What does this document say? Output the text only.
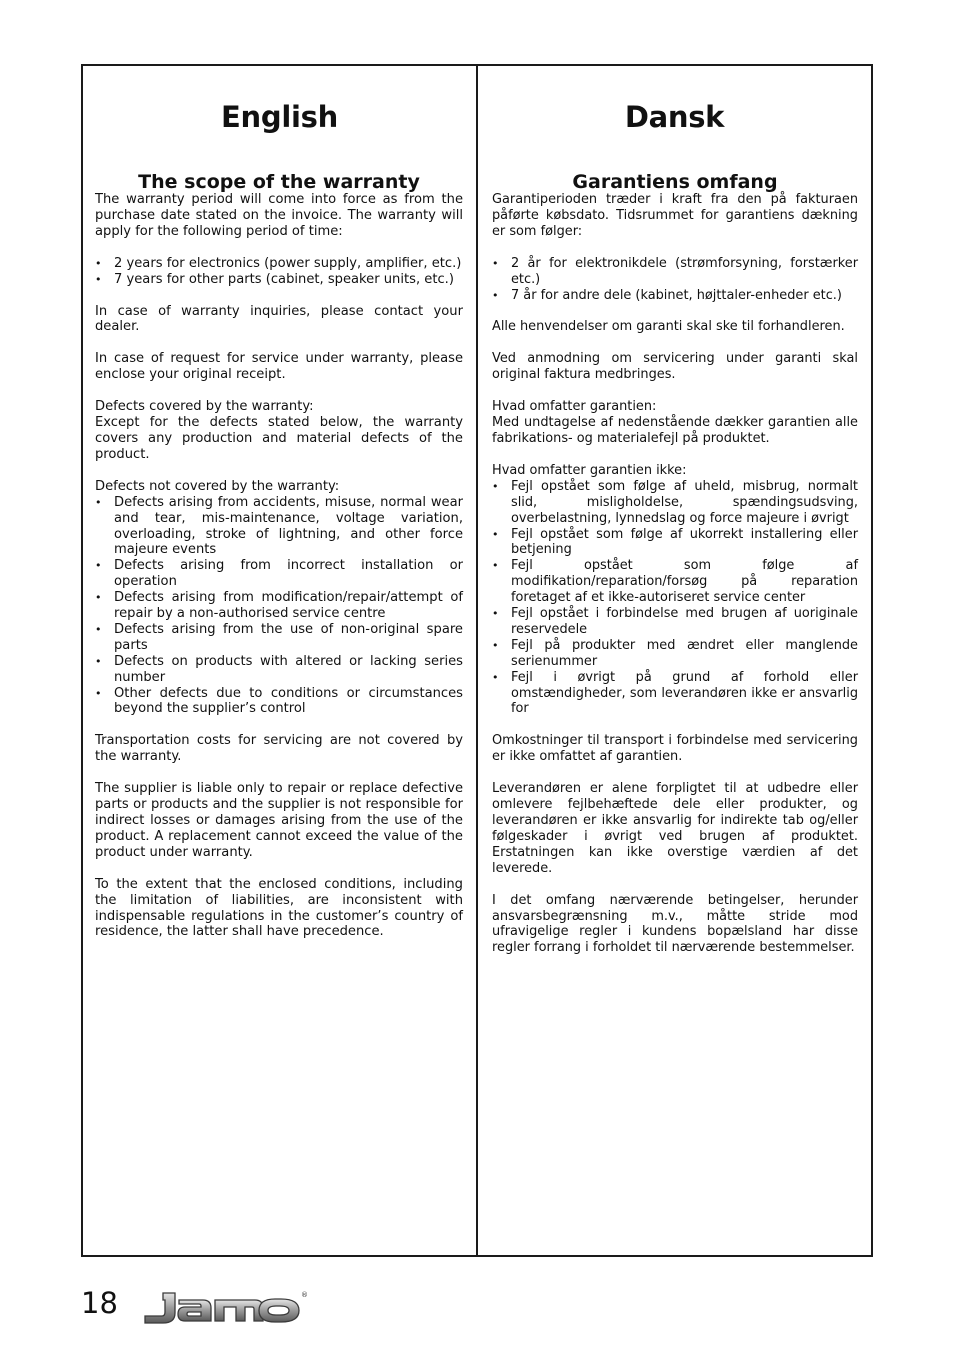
English
The scope of the warranty

The warranty period will come into force as from the purchase date stated on the invoice. The warranty will apply for the following period of time:

• 2 years for electronics (power supply, amplifier, etc.)
• 7 years for other parts (cabinet, speaker units, etc.)

In case of warranty inquiries, please contact your dealer.

In case of request for service under warranty, please enclose your original receipt.

Defects covered by the warranty:

Except for the defects stated below, the warranty covers any production and material defects of the product.

Defects not covered by the warranty:

• Defects arising from accidents, misuse, normal wear and tear, mis-maintenance, voltage variation, overloading, stroke of lightning, and other force majeure events
• Defects arising from incorrect installation or operation
• Defects arising from modification/repair/attempt of repair by a non-authorised service centre
• Defects arising from the use of non-original spare parts
• Defects on products with altered or lacking series number
• Other defects due to conditions or circumstances beyond the supplier’s control

Transportation costs for servicing are not covered by the warranty.

The supplier is liable only to repair or replace defective parts or products and the supplier is not responsible for indirect losses or damages arising from the use of the product. A replacement cannot exceed the value of the product under warranty.

To the extent that the enclosed conditions, including the limitation of liabilities, are inconsistent with indispensable regulations in the customer’s country of residence, the latter shall have precedence.

Dansk
Garantiens omfang

Garantiperioden træder i kraft fra den på fakturaen påførte købsdato. Tidsrummet for garantiens dækning er som følger:

• 2 år for elektronikdele (strømforsyning, forstærker etc.)
• 7 år for andre dele (kabinet, højttaler-enheder etc.)

Alle henvendelser om garanti skal ske til forhandleren.

Ved anmodning om servicering under garanti skal original faktura medbringes.

Hvad omfatter garantien:

Med undtagelse af nedenstående dækker garantien alle fabrikations- og materialefejl på produktet.

Hvad omfatter garantien ikke:

• Fejl opstået som følge af uheld, misbrug, normalt slid, misligholdelse, spændingsudsving, overbelastning, lynnedslag og force majeure i øvrigt
• Fejl opstået som følge af ukorrekt installering eller betjening
• Fejl opstået som følge af modifikation/reparation/forsøg på reparation foretaget af et ikke-autoriseret service center
• Fejl opstået i forbindelse med brugen af uoriginale reservedele
• Fejl på produkter med ændret eller manglende serienummer
• Fejl i øvrigt på grund af forhold eller omstændigheder, som leverandøren ikke er ansvarlig for

Omkostninger til transport i forbindelse med servicering er ikke omfattet af garantien.

Leverandøren er alene forpligtet til at udbedre eller omlevere fejlbehæftede dele eller produkter, og leverandøren er ikke ansvarlig for indirekte tab og/eller følgeskader i øvrigt ved brugen af produktet. Erstatningen kan ikke overstige værdien af det leverede.

I det omfang nærværende betingelser, herunder ansvarsbegrænsning m.v., måtte stride mod ufravigelige regler i kundens bopælsland har disse regler forrang i forholdet til nærværende bestemmelser.

18	®
